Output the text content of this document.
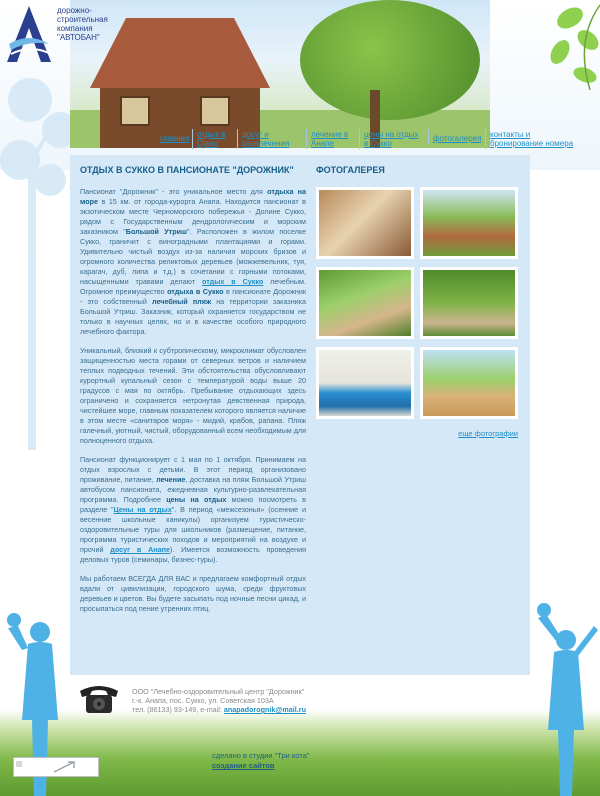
дорожно-
строительная
компания
"АВТОБАН"
главная отдых в Сукко
досуг и развлечения
лечение в Анапе
цены на отдых в Сукко
фотогалерея	контакты и бронирование номера
ОТДЫХ В СУККО В ПАНСИОНАТЕ "ДОРОЖНИК"

Пансионат "Дорожник" - это уникальное место для отдыха на море в 15 км. от города-курорта Анапа. Находится пансионат в экзотическом месте Черноморского побережья - Долине Сукко, рядом с Государственным дендрологическим и морским заказником "Большой Утриш". Расположен в жилом поселке Сукко, граничит с виноградными плантациями и горами. Удивительно чистый воздух из-за наличия морских бризов и огромного количества реликтовых деревьев (можжевельник, туя, карагач, дуб, липа и т.д.) в сочетании с горными потоками, насыщенными травами делают отдых в Сукко лечебным. Огромное преимущество отдыха в Сукко в пансионате Дорожник - это собственный лечебный пляж на территории заказника Большой Утриш. Заказник, который охраняется государством не только в научных целях, но и в качестве особого природного лечебного фактора.

Уникальный, близкий к субтропическому, микроклимат обусловлен защищенностью места горами от северных ветров и наличием теплых подводных течений. Эти обстоятельства обусловливают курортный купальный сезон с температурой воды выше 20 градусов с мая по октябрь. Пребывание отдыхающих здесь ограничено и сохраняется нетронутая девственная природа, чистейшее море, главным показателем которого является наличие в этом месте «санитаров моря» - мидий, крабов, рапана. Пляж галечный, уютный, чистый, оборудованный всем необходимым для полноценного отдыха.

Пансионат функционирует с 1 мая по 1 октября. Принимаем на отдых взрослых с детьми. В этот период организовано проживание, питание, лечение, доставка на пляж Большой Утриш автобусом пансионата, ежедневная культурно-развлекательная программа. Подробнее цены на отдых можно посмотреть в разделе "Цены на отдых". В период «межсезонья» (осенние и весенние школьные каникулы) организуем туристическо-оздоровительные туры для школьников (размещение, питание, программа туристических походов и мероприятий на воздухе и прочий досуг в Анапе). Имеется возможность проведения деловых туров (семинары, бизнес-туры).

Мы работаем ВСЕГДА ДЛЯ ВАС и предлагаем комфортный отдых вдали от цивилизации, городского шума, среди фруктовых деревьев и цветов. Вы будете засыпать под ночные песни цикад, и просыпаться под пение утренних птиц.

ФОТОГАЛЕРЕЯ
еще фотографии
ООО "Лечебно-оздоровительный центр "Дорожник"
г.-к. Анапа, пос. Сукко, ул. Советская 103А
тел. (86133) 93-149, e-mail: anapadorognik@mail.ru
сделано в студии "Три кота"
создание сайтов
